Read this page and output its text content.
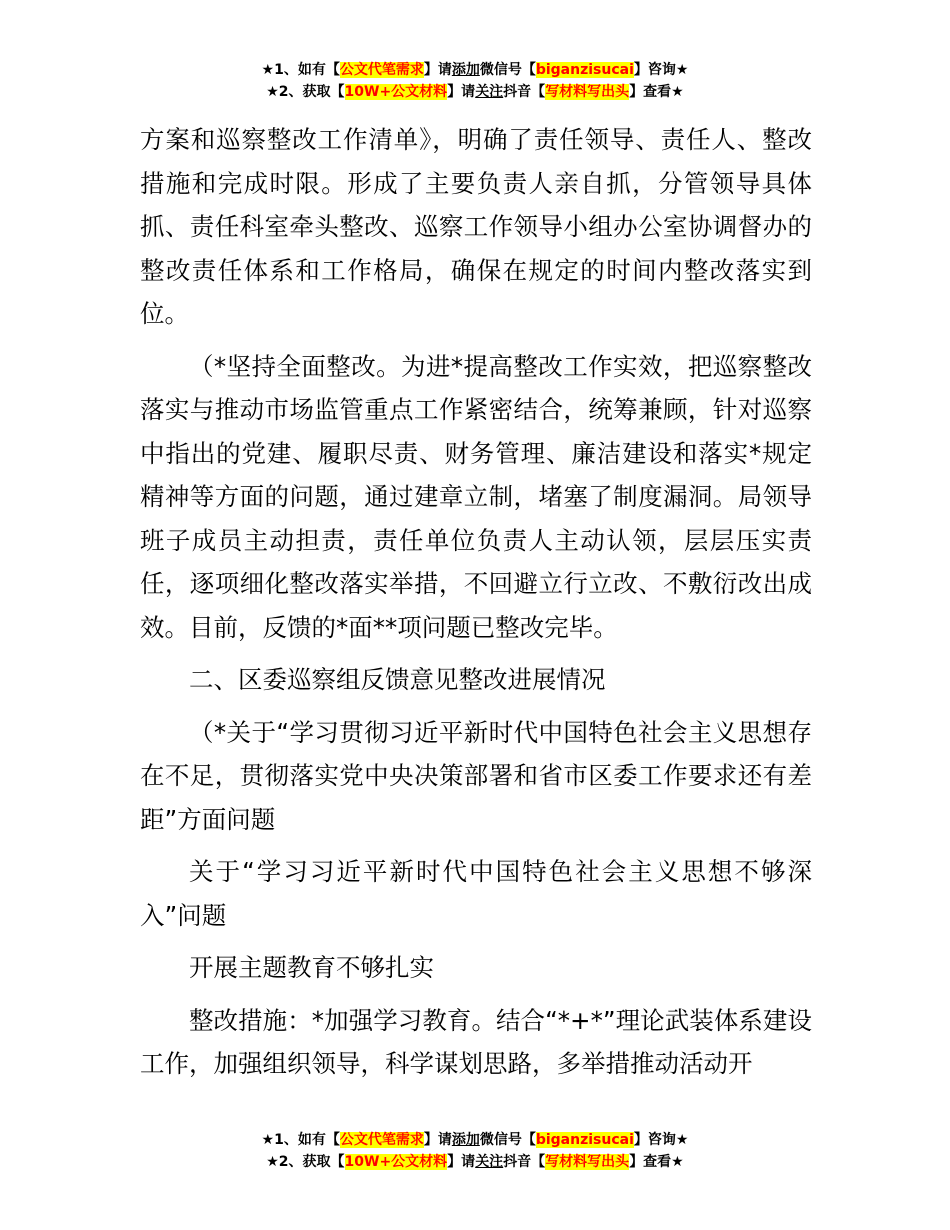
★1、如有【公文代笔需求】请添加微信号【biganzisucai】咨询★
★2、获取【10W+公文材料】请关注抖音【写材料写出头】查看★

方案和巡察整改工作清单》，明确了责任领导、责任人、整改措施和完成时限。形成了主要负责人亲自抓，分管领导具体抓、责任科室牵头整改、巡察工作领导小组办公室协调督办的整改责任体系和工作格局，确保在规定的时间内整改落实到位。

（*坚持全面整改。为进*提高整改工作实效，把巡察整改落实与推动市场监管重点工作紧密结合，统筹兼顾，针对巡察中指出的党建、履职尽责、财务管理、廉洁建设和落实*规定精神等方面的问题，通过建章立制，堵塞了制度漏洞。局领导班子成员主动担责，责任单位负责人主动认领，层层压实责任，逐项细化整改落实举措，不回避立行立改、不敷衍改出成效。目前，反馈的*面**项问题已整改完毕。

二、区委巡察组反馈意见整改进展情况

（*关于“学习贯彻习近平新时代中国特色社会主义思想存在不足，贯彻落实党中央决策部署和省市区委工作要求还有差距”方面问题

关于“学习习近平新时代中国特色社会主义思想不够深入”问题

开展主题教育不够扎实

整改措施：*加强学习教育。结合“*+*”理论武装体系建设工作，加强组织领导，科学谋划思路，多举措推动活动开

★1、如有【公文代笔需求】请添加微信号【biganzisucai】咨询★
★2、获取【10W+公文材料】请关注抖音【写材料写出头】查看★
